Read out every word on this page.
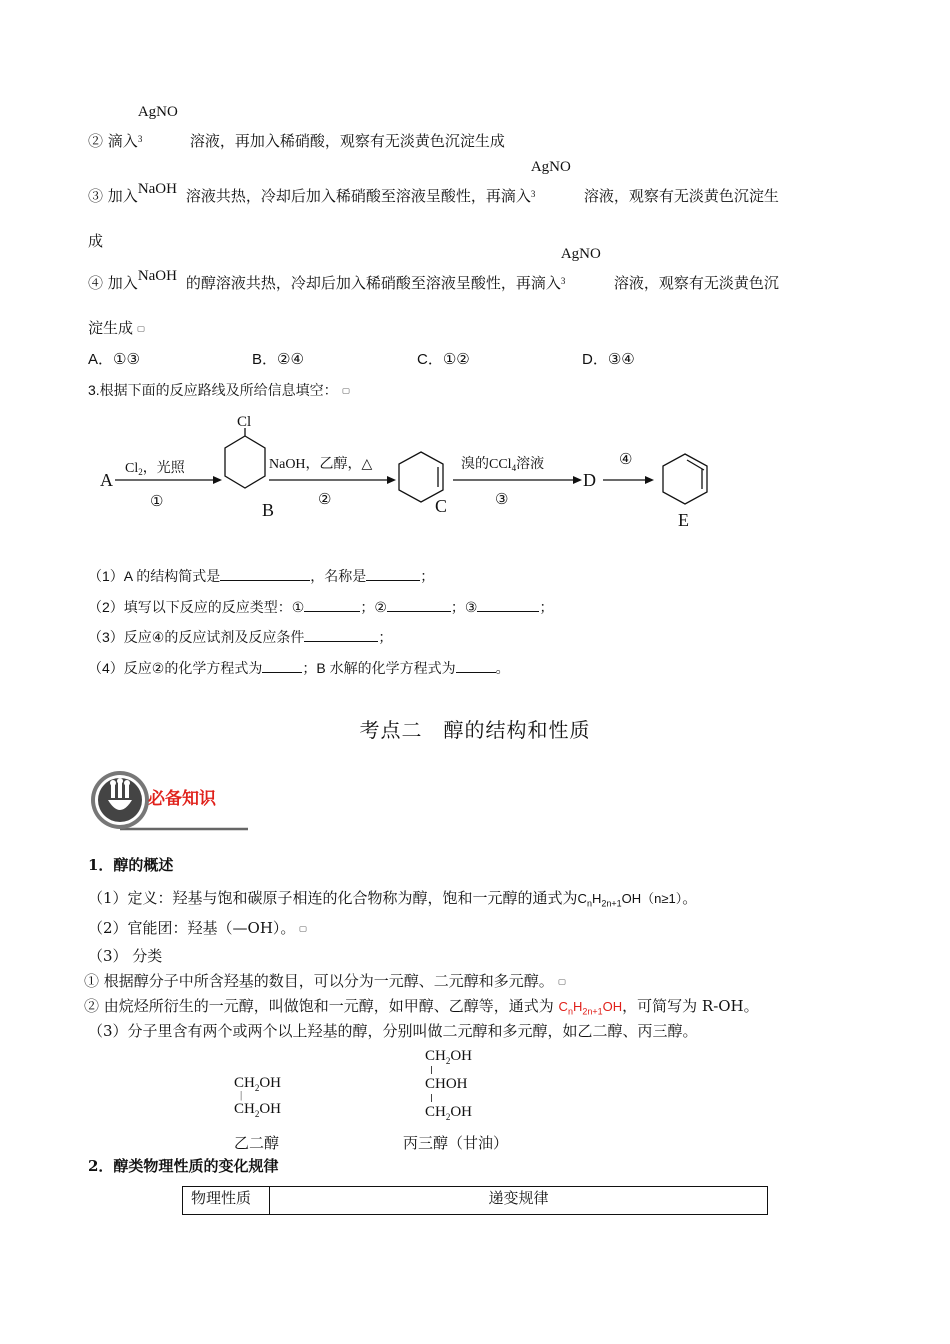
② 滴入
AgNO
$_3$	溶液，再加入稀硝酸，观察有无淡黄色沉淀生成
③ 加入 NaOH 溶液共热，冷却后加入稀硝酸至溶液呈酸性，再滴入
AgNO
$_3$	溶液，观察有无淡黄色沉淀生
成
④ 加入 NaOH 的醇溶液共热，冷却后加入稀硝酸至溶液呈酸性，再滴入
AgNO
$_3$	溶液，观察有无淡黄色沉
淀生成
A．①③	B．②④	C．①②	D．③④
3.根据下面的反应路线及所给信息填空：
A
$Cl_2$，光照
①
Cl
B
NaOH，乙醇，△
②	C
溴的CCl$_4$溶液
③
D
④
E
（1）A 的结构简式是	，名称是	；
（2）填写以下反应的反应类型：①	；②	；③	；
（3）反应④的反应试剂及反应条件	；
（4）反应②的化学方程式为	；B 水解的化学方程式为	。
考点二　醇的结构和性质
必备知识
1．醇的概述
（1）定义：羟基与饱和碳原子相连的化合物称为醇，饱和一元醇的通式为$C_nH_{2n+1}OH(n\ge 1)$。
（2）官能团：羟基（—OH）。
（3） 分类
① 根据醇分子中所含羟基的数目，可以分为一元醇、二元醇和多元醇。
② 由烷烃所衍生的一元醇，叫做饱和一元醇，如甲醇、乙醇等，通式为 $C_nH_{2n+1}OH$，可简写为 R-OH。
（3）分子里含有两个或两个以上羟基的醇，分别叫做二元醇和多元醇，如乙二醇、丙三醇。
$CH_2OH$
|
$CH_2OH$
乙二醇
$CH_2OH$
CHOH
$CH_2OH$
丙三醇（甘油）
2．醇类物理性质的变化规律
物理性质	递变规律
